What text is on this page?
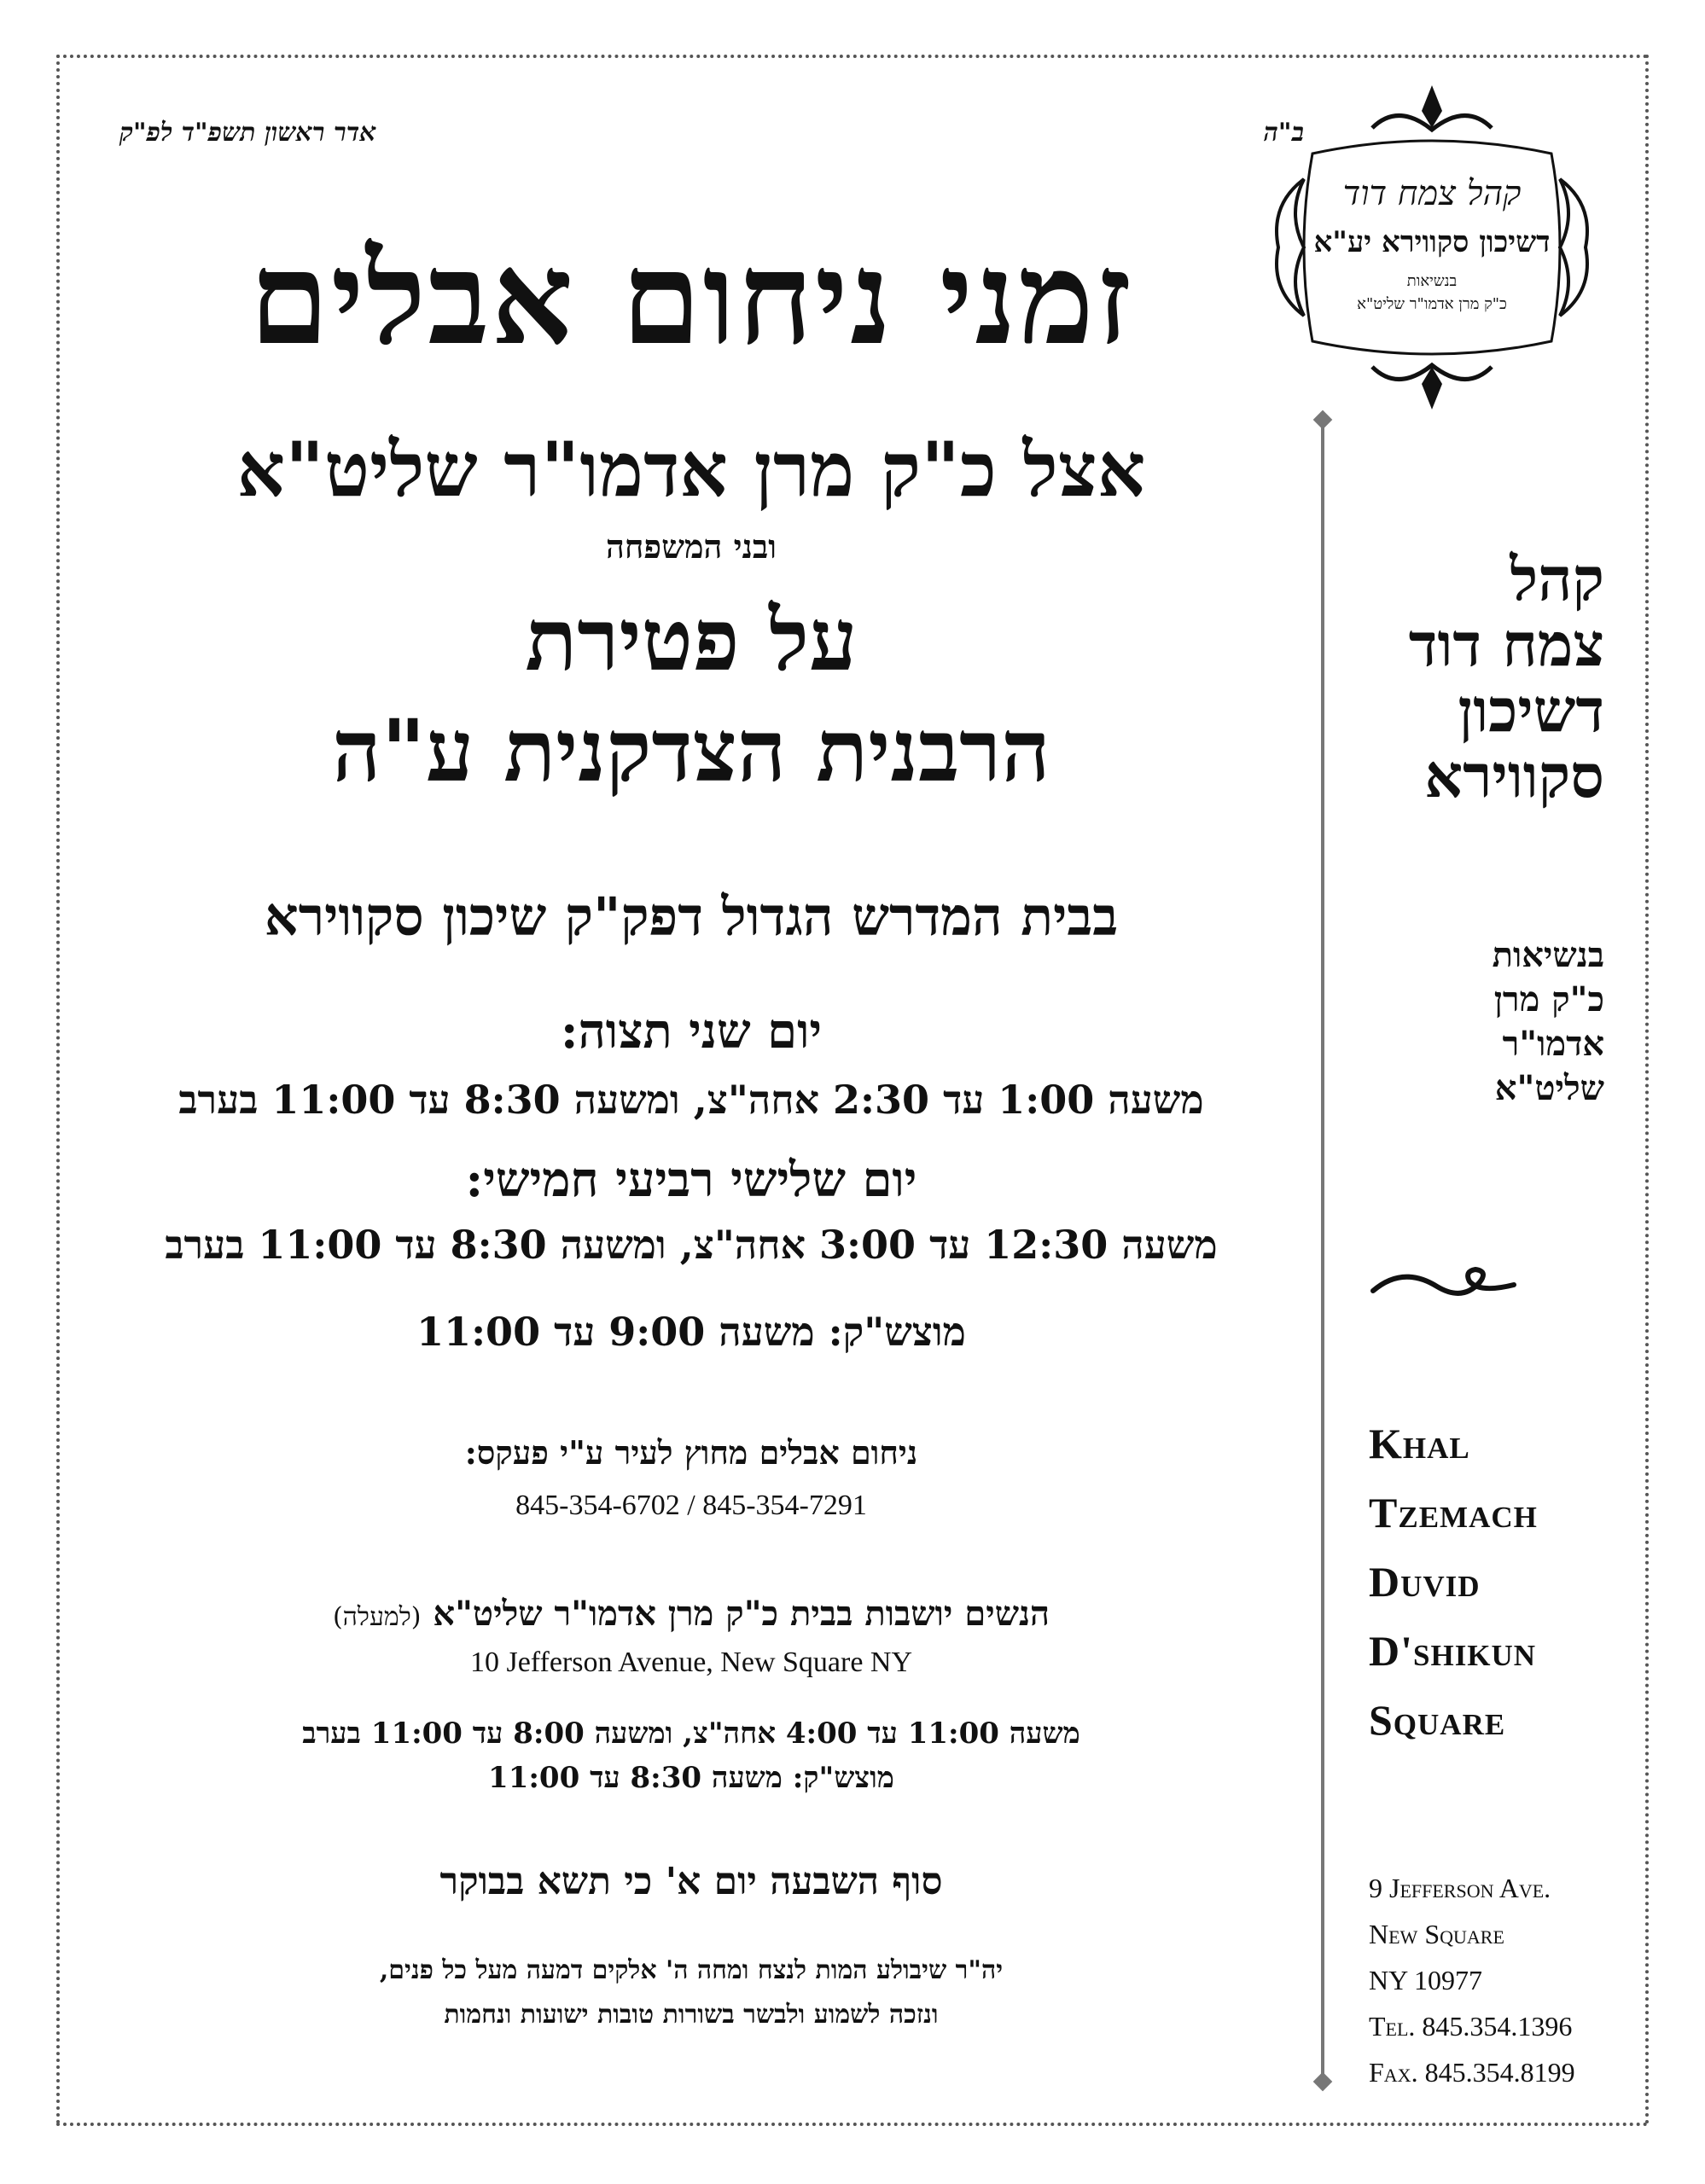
ב"ה
אדר ראשון תשפ"ד לפ"ק
זמני ניחום אבלים
אצל כ"ק מרן אדמו"ר שליט"א
ובני המשפחה
על פטירת
הרבנית הצדקנית ע"ה
בבית המדרש הגדול דפק"ק שיכון סקווירא
יום שני תצוה:
משעה 1:00 עד 2:30 אחה"צ, ומשעה 8:30 עד 11:00 בערב
יום שלישי רביעי חמישי:
משעה 12:30 עד 3:00 אחה"צ, ומשעה 8:30 עד 11:00 בערב
מוצש"ק: משעה 9:00 עד 11:00
ניחום אבלים מחוץ לעיר ע"י פעקס:
845-354-6702 / 845-354-7291
הנשים יושבות בבית כ"ק מרן אדמו"ר שליט"א (למעלה)
10 Jefferson Avenue, New Square NY
משעה 11:00 עד 4:00 אחה"צ, ומשעה 8:00 עד 11:00 בערב
מוצש"ק: משעה 8:30 עד 11:00
סוף השבעה יום א' כי תשא בבוקר
יה"ר שיבולע המות לנצח ומחה ה' אלקים דמעה מעל כל פנים,
ונזכה לשמוע ולבשר בשורות טובות ישועות ונחמות
קהל צמח דוד
דשיכון סקווירא יע"א
בנשיאות
כ"ק מרן אדמו"ר שליט"א
קהל
צמח דוד
דשיכון
סקווירא
בנשיאות
כ"ק מרן
אדמו"ר
שליט"א
Khal
Tzemach
Duvid
D'shikun
Square
9 Jefferson Ave.
New Square
NY 10977
Tel. 845.354.1396
Fax. 845.354.8199
